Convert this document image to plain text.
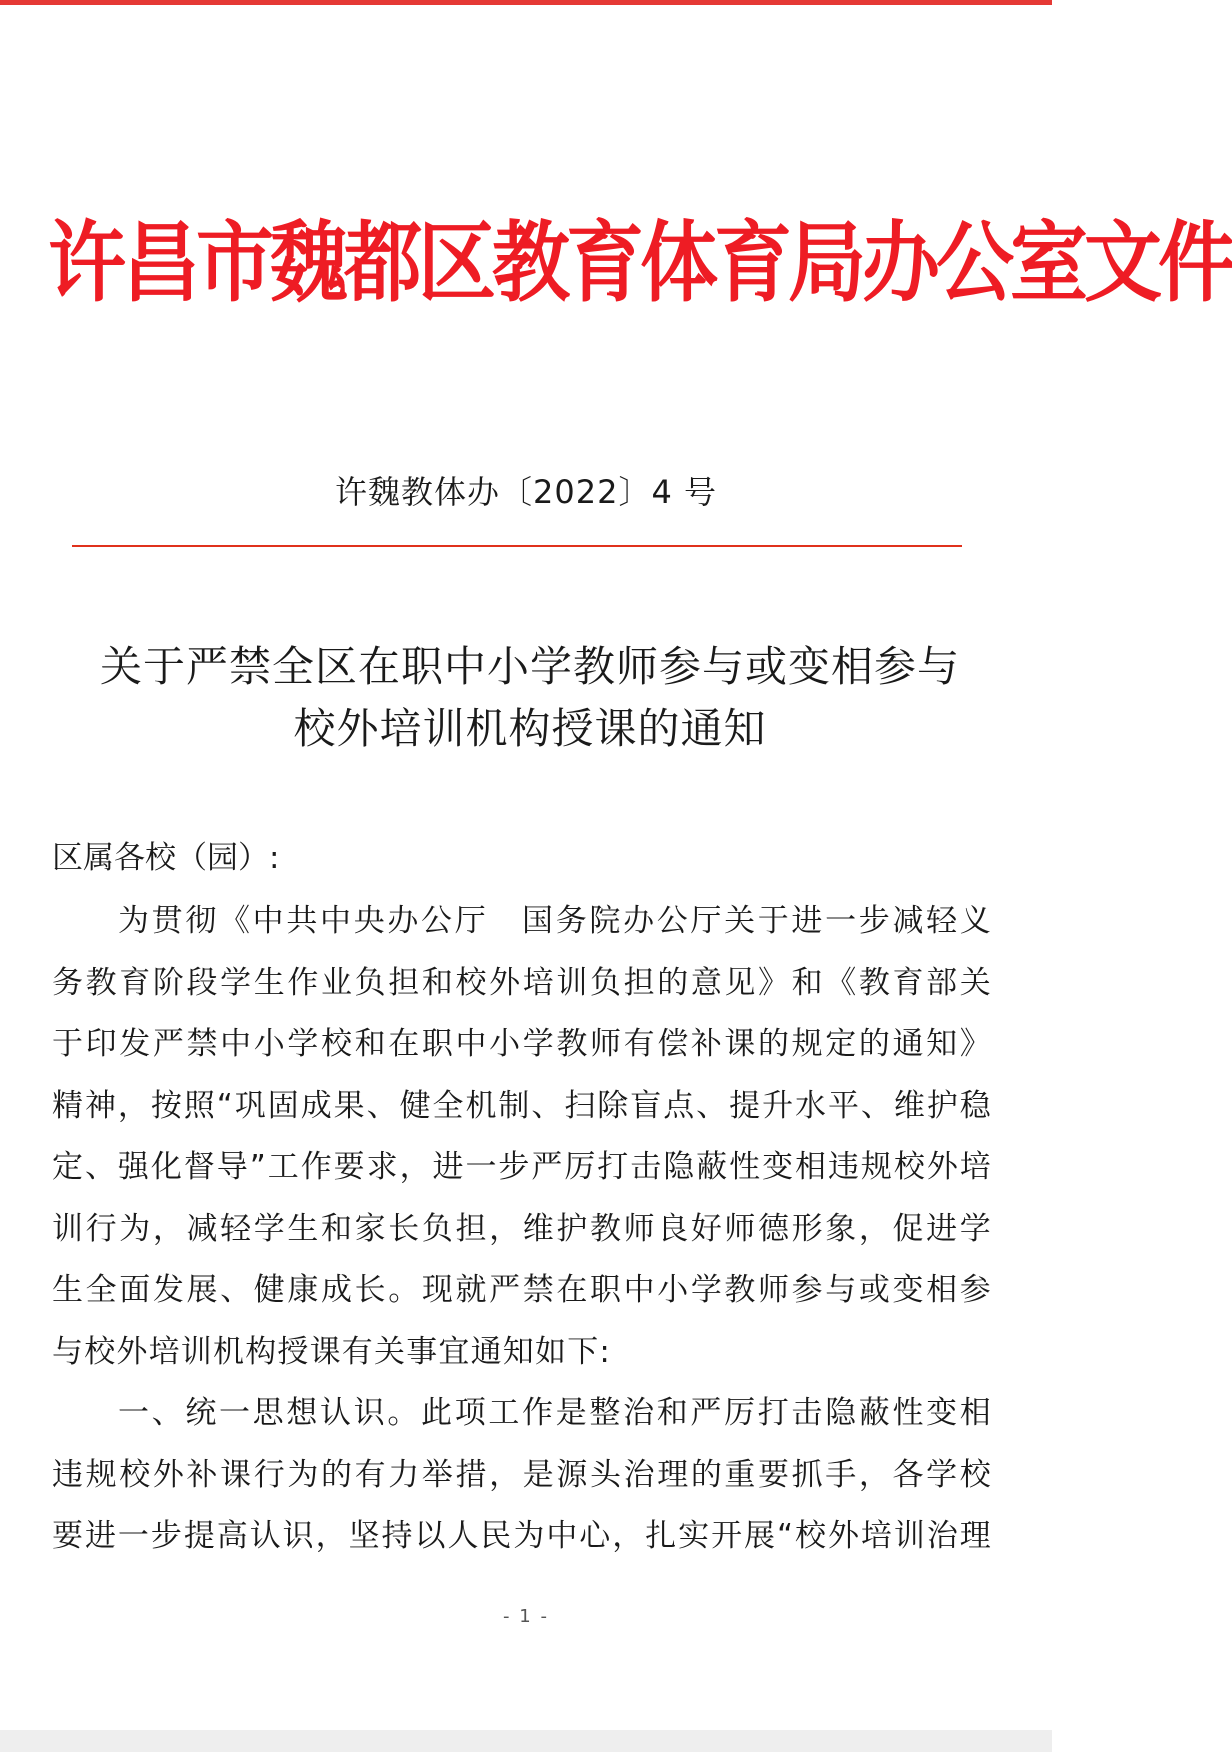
许昌市魏都区教育体育局办公室文件
许魏教体办〔2022〕4 号
关于严禁全区在职中小学教师参与或变相参与
校外培训机构授课的通知
区属各校（园）:
为贯彻《中共中央办公厅　国务院办公厅关于进一步减轻义
务教育阶段学生作业负担和校外培训负担的意见》和《教育部关
于印发严禁中小学校和在职中小学教师有偿补课的规定的通知》
精神，按照“巩固成果、健全机制、扫除盲点、提升水平、维护稳
定、强化督导”工作要求，进一步严厉打击隐蔽性变相违规校外培
训行为，减轻学生和家长负担，维护教师良好师德形象，促进学
生全面发展、健康成长。现就严禁在职中小学教师参与或变相参
与校外培训机构授课有关事宜通知如下:
一、统一思想认识。此项工作是整治和严厉打击隐蔽性变相
违规校外补课行为的有力举措，是源头治理的重要抓手，各学校
要进一步提高认识，坚持以人民为中心，扎实开展“校外培训治理
- 1 -
